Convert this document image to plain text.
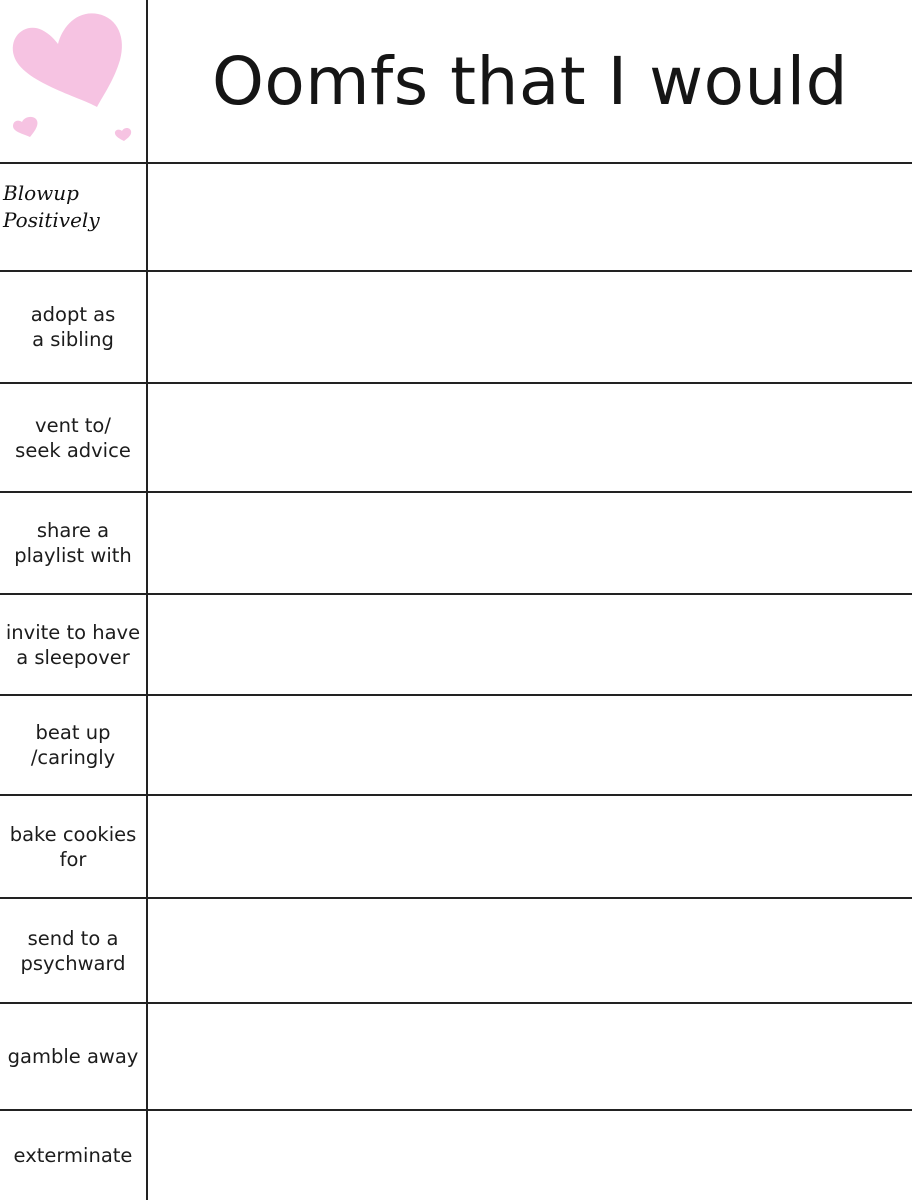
Oomfs that I would
Blowup
Positively
adopt as
a sibling
vent to/
seek advice
share a
playlist with
invite to have
a sleepover
beat up
/caringly
bake cookies
for
send to a
psychward
gamble away
exterminate
